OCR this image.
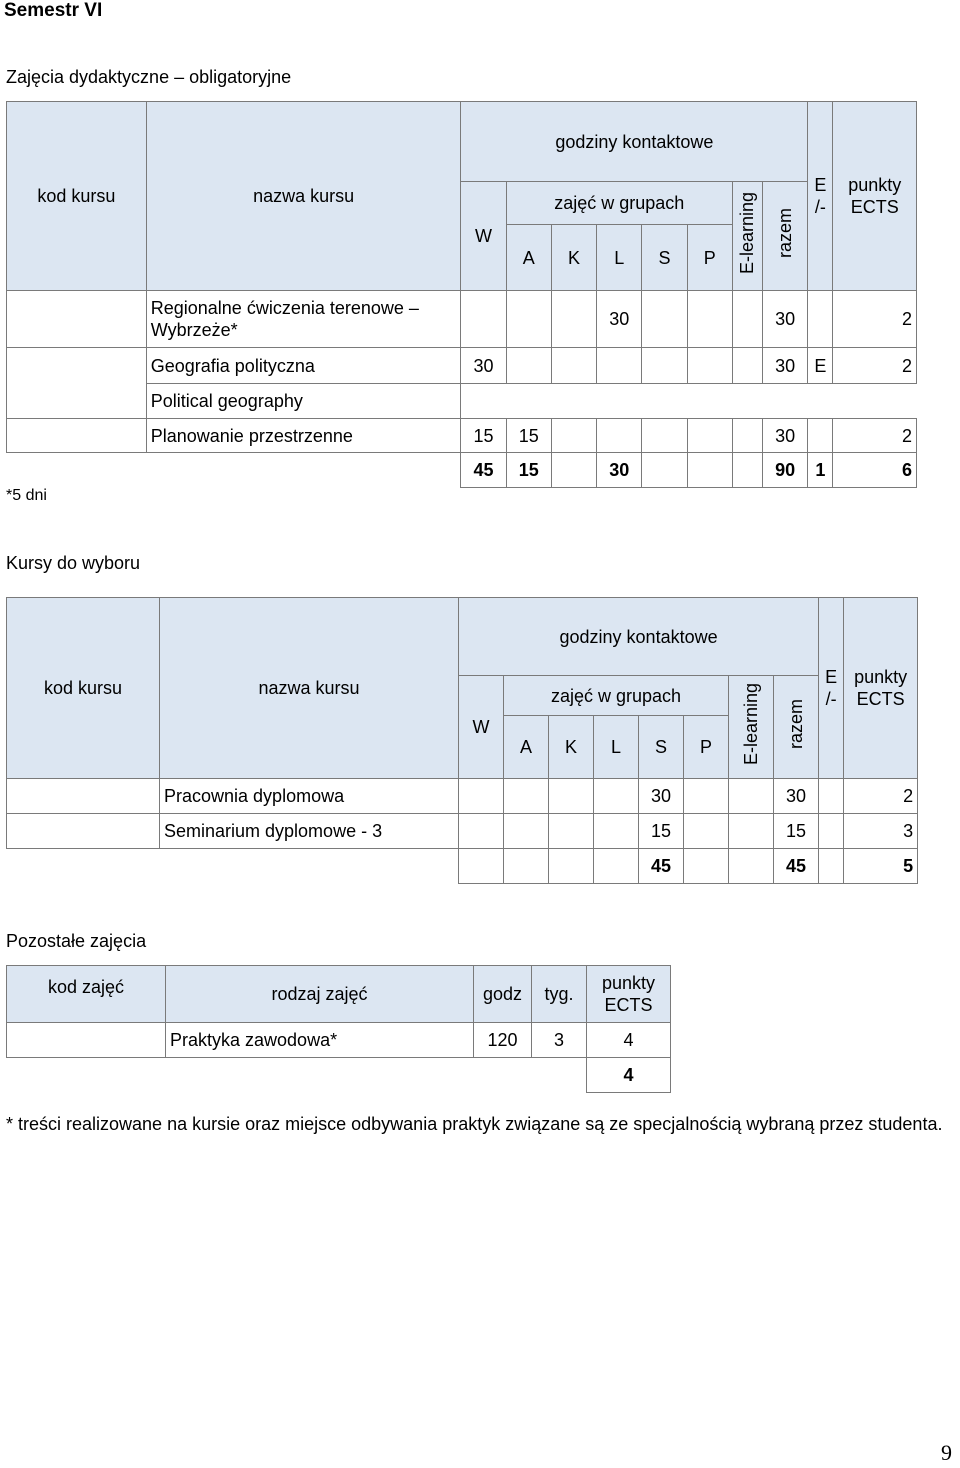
Semestr VI
Zajęcia dydaktyczne – obligatoryjne
kod kursu	nazwa kursu	godziny kontaktowe								E /-	punkty ECTS
		W	zajęć w grupach					E-learning	razem		
			A	K	L	S	P				
	Regionalne ćwiczenia terenowe – Wybrzeże*				30				30		2
	Geografia polityczna	30							30	E	2
	Political geography										
	Planowanie przestrzenne	15	15						30		2
		45	15		30				90	1	6
*5 dni
Kursy do wyboru
kod kursu	nazwa kursu	godziny kontaktowe								E /-	punkty ECTS
		W	zajęć w grupach					E-learning	razem		
			A	K	L	S	P				
	Pracownia dyplomowa					30			30		2
	Seminarium dyplomowe - 3					15			15		3
						45			45		5
Pozostałe zajęcia
kod zajęć	rodzaj zajęć	godz	tyg.	punkty ECTS
	Praktyka zawodowa*	120	3	4
				4
* treści realizowane na kursie oraz miejsce odbywania praktyk związane są ze specjalnością wybraną przez studenta.
9
